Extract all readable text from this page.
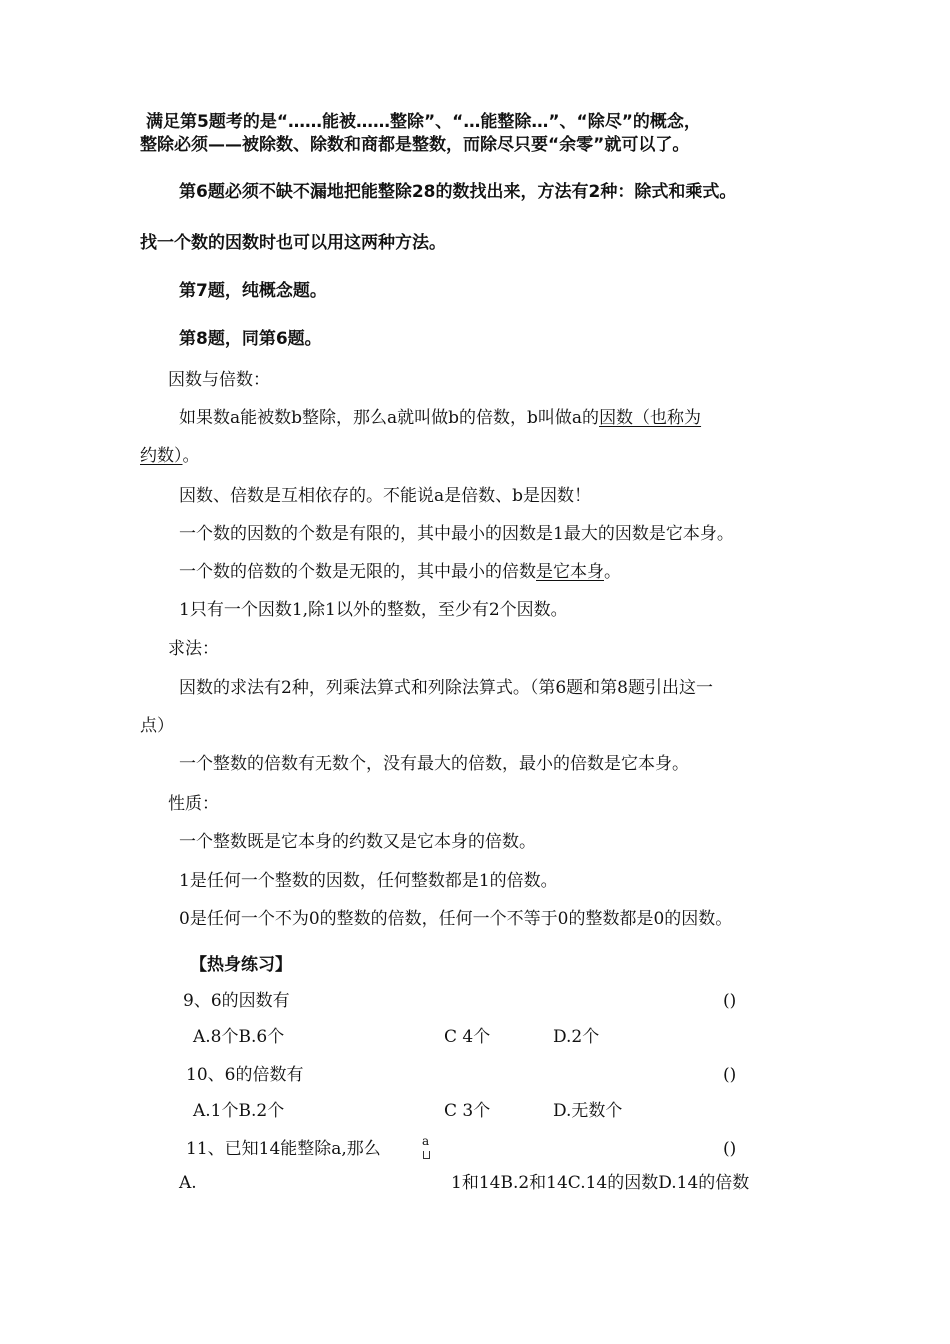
满足第5题考的是“……能被……整除”、“…能整除…”、“除尽”的概念，
整除必须——被除数、除数和商都是整数，而除尽只要“余零”就可以了。
第6题必须不缺不漏地把能整除28的数找出来，方法有2种：除式和乘式。
找一个数的因数时也可以用这两种方法。
第7题，纯概念题。
第8题，同第6题。
因数与倍数：
如果数a能被数b整除，那么a就叫做b的倍数，b叫做a的因数（也称为
约数）。
因数、倍数是互相依存的。不能说a是倍数、b是因数！
一个数的因数的个数是有限的，其中最小的因数是1最大的因数是它本身。
一个数的倍数的个数是无限的，其中最小的倍数是它本身。
1只有一个因数1,除1以外的整数，至少有2个因数。
求法：
因数的求法有2种，列乘法算式和列除法算式。（第6题和第8题引出这一
点）
一个整数的倍数有无数个，没有最大的倍数，最小的倍数是它本身。
性质：
一个整数既是它本身的约数又是它本身的倍数。
1是任何一个整数的因数，任何整数都是1的倍数。
0是任何一个不为0的整数的倍数，任何一个不等于0的整数都是0的因数。
【热身练习】
9、6的因数有	()
A.8个B.6个	C 4个	D.2个
10、6的倍数有	()
A.1个B.2个	C 3个	D.无数个
11、已知14能整除a,那么	a	()
A.	1和14B.2和14C.14的因数D.14的倍数
